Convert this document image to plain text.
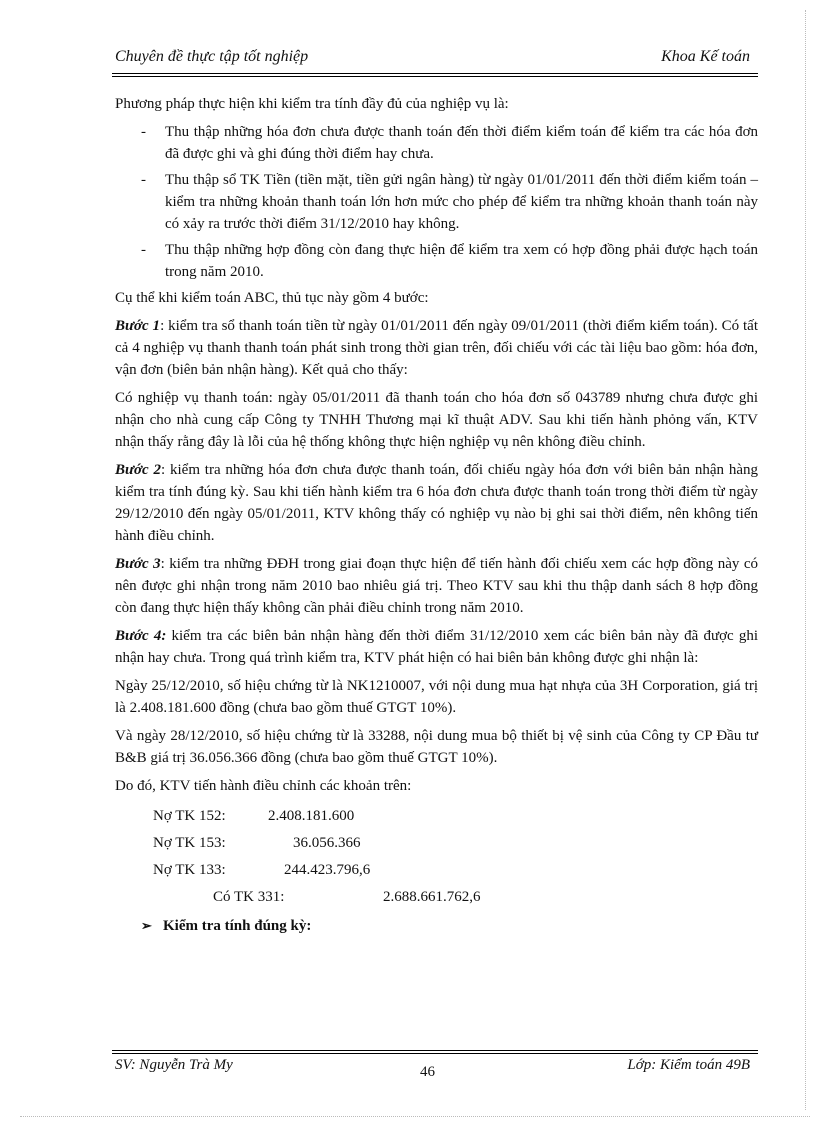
Chuyên đề thực tập tốt nghiệp	Khoa Kế toán

Phương pháp thực hiện khi kiểm tra tính đầy đủ của nghiệp vụ là:

-	Thu thập những hóa đơn chưa được thanh toán đến thời điểm kiểm toán để kiểm tra các hóa đơn đã được ghi và ghi đúng thời điểm hay chưa.
-	Thu thập sổ TK Tiền (tiền mặt, tiền gửi ngân hàng) từ ngày 01/01/2011 đến thời điểm kiểm toán – kiểm tra những khoản thanh toán lớn hơn mức cho phép để kiểm tra những khoản thanh toán này có xảy ra trước thời điểm 31/12/2010 hay không.
-	Thu thập những hợp đồng còn đang thực hiện để kiểm tra xem có hợp đồng phải được hạch toán trong năm 2010.

Cụ thể khi kiểm toán ABC, thủ tục này gồm 4 bước:

Bước 1: kiểm tra sổ thanh toán tiền từ ngày 01/01/2011 đến ngày 09/01/2011 (thời điểm kiểm toán). Có tất cả 4 nghiệp vụ thanh thanh toán phát sinh trong thời gian trên, đối chiếu với các tài liệu bao gồm: hóa đơn, vận đơn (biên bản nhận hàng). Kết quả cho thấy:

Có nghiệp vụ thanh toán: ngày 05/01/2011 đã thanh toán cho hóa đơn số 043789 nhưng chưa được ghi nhận cho nhà cung cấp Công ty TNHH Thương mại kĩ thuật ADV. Sau khi tiến hành phỏng vấn, KTV nhận thấy rằng đây là lỗi của hệ thống không thực hiện nghiệp vụ nên không điều chỉnh.

Bước 2: kiểm tra những hóa đơn chưa được thanh toán, đối chiếu ngày hóa đơn với biên bản nhận hàng kiểm tra tính đúng kỳ. Sau khi tiến hành kiểm tra 6 hóa đơn chưa được thanh toán trong thời điểm từ ngày 29/12/2010 đến ngày 05/01/2011, KTV không thấy có nghiệp vụ nào bị ghi sai thời điểm, nên không tiến hành điều chỉnh.

Bước 3: kiểm tra những ĐĐH trong giai đoạn thực hiện để tiến hành đối chiếu xem các hợp đồng này có nên được ghi nhận trong năm 2010 bao nhiêu giá trị. Theo KTV sau khi thu thập danh sách 8 hợp đồng còn đang thực hiện thấy không cần phải điều chỉnh trong năm 2010.

Bước 4: kiểm tra các biên bản nhận hàng đến thời điểm 31/12/2010 xem các biên bản này đã được ghi nhận hay chưa. Trong quá trình kiểm tra, KTV phát hiện có hai biên bản không được ghi nhận là:

Ngày 25/12/2010, số hiệu chứng từ là NK1210007, với nội dung mua hạt nhựa của 3H Corporation, giá trị là 2.408.181.600 đồng (chưa bao gồm thuế GTGT 10%).

Và ngày 28/12/2010, số hiệu chứng từ là 33288, nội dung mua bộ thiết bị vệ sinh của Công ty CP Đầu tư B&B giá trị 36.056.366 đồng (chưa bao gồm thuế GTGT 10%).

Do đó, KTV tiến hành điều chỉnh các khoản trên:

Nợ TK 152:	2.408.181.600
Nợ TK 153:	36.056.366
Nợ TK 133:	244.423.796,6
Có TK 331:	2.688.661.762,6
➢ Kiểm tra tính đúng kỳ:
SV: Nguyễn Trà My	Lớp: Kiểm toán 49B
46
